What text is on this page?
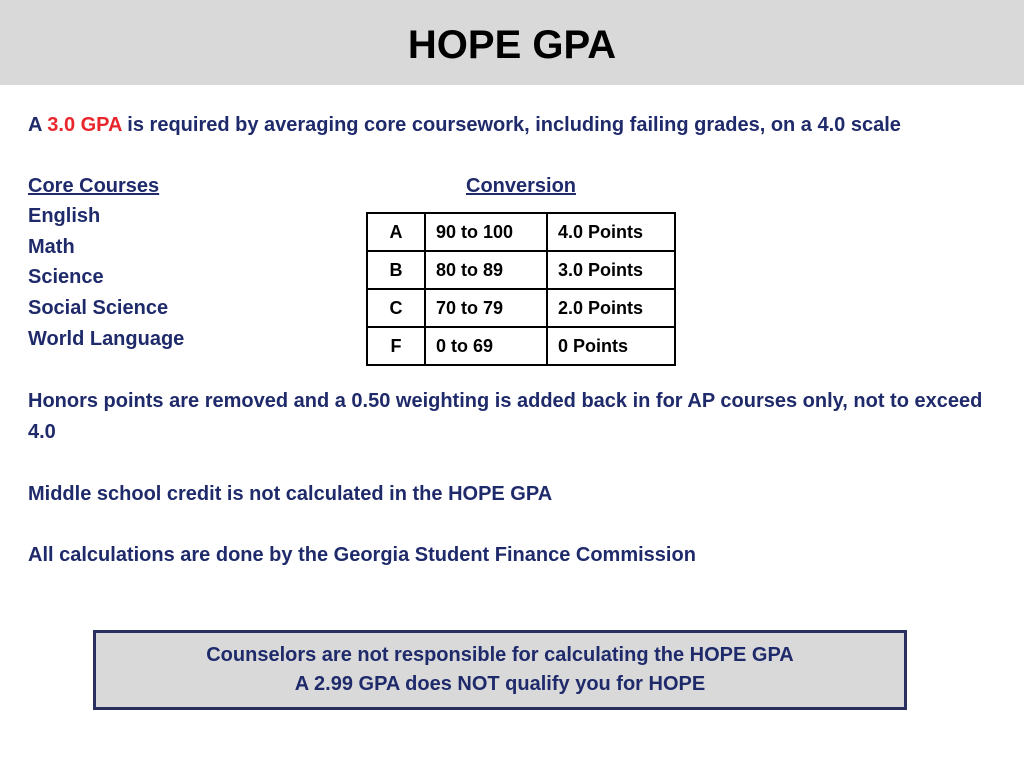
HOPE GPA
A 3.0 GPA is required by averaging core coursework, including failing grades, on a 4.0 scale
Core Courses
English
Math
Science
Social Science
World Language
Conversion
A	90 to 100	4.0 Points
B	80 to 89	3.0 Points
C	70 to 79	2.0 Points
F	0 to 69	0 Points
Honors points are removed and a 0.50 weighting is added back in for AP courses only, not to exceed 4.0
Middle school credit is not calculated in the HOPE GPA
All calculations are done by the Georgia Student Finance Commission
Counselors are not responsible for calculating the HOPE GPA
A 2.99 GPA does NOT qualify you for HOPE
